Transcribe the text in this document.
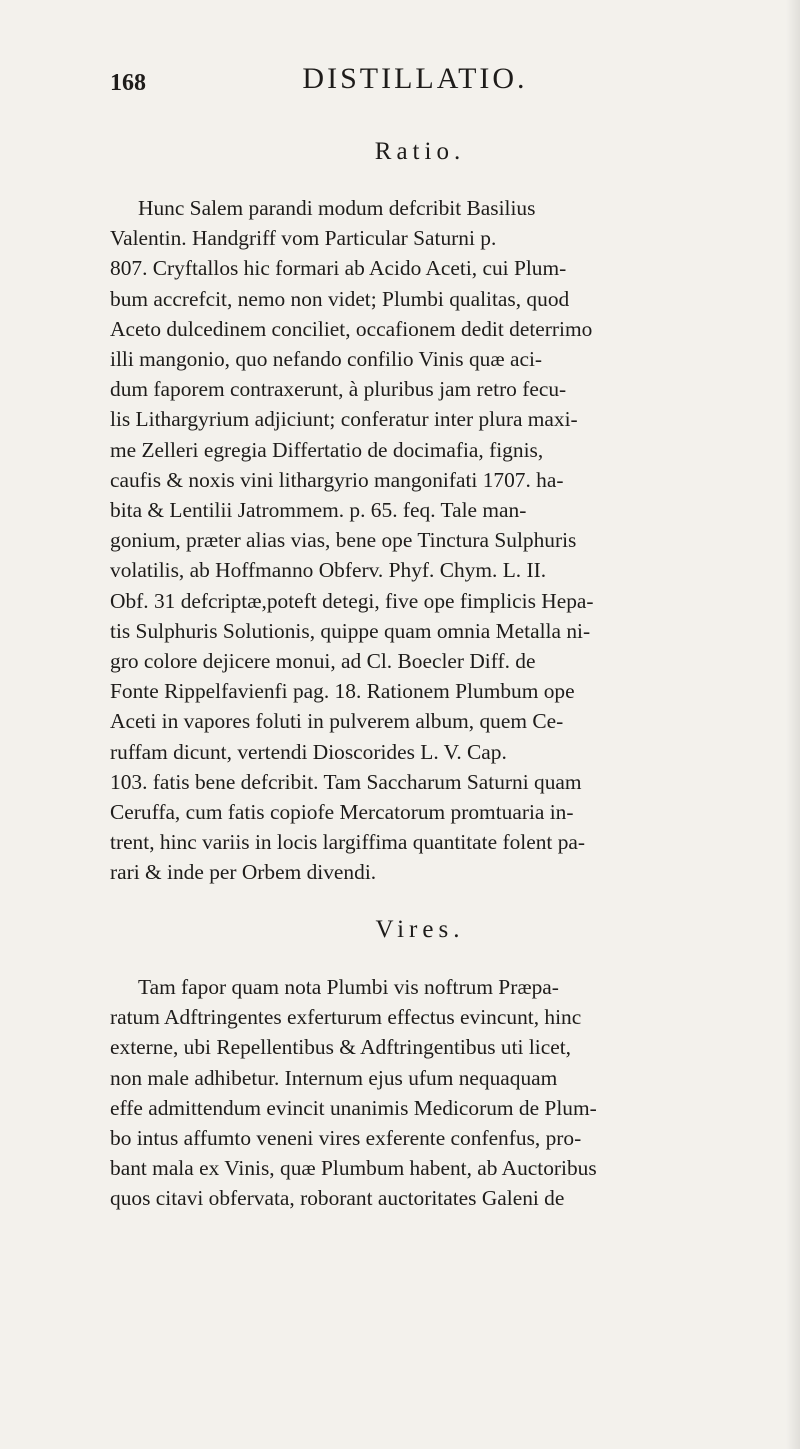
168	DISTILLATIO.
Ratio.
Hunc Salem parandi modum defcribit Basilius
Valentin. Handgriff vom Particular Saturni p.
807. Cryftallos hic formari ab Acido Aceti, cui Plum-
bum accrefcit, nemo non videt; Plumbi qualitas, quod
Aceto dulcedinem conciliet, occafionem dedit deterrimo
illi mangonio, quo nefando confilio Vinis quæ aci-
dum faporem contraxerunt, à pluribus jam retro fecu-
lis Lithargyrium adjiciunt; conferatur inter plura maxi-
me Zelleri egregia Differtatio de docimafia, fignis,
caufis & noxis vini lithargyrio mangonifati 1707. ha-
bita & Lentilii Jatrommem. p. 65. feq. Tale man-
gonium, præter alias vias, bene ope Tinctura Sulphuris
volatilis, ab Hoffmanno Obferv. Phyf. Chym. L. II.
Obf. 31 defcriptæ,poteft detegi, five ope fimplicis Hepa-
tis Sulphuris Solutionis, quippe quam omnia Metalla ni-
gro colore dejicere monui, ad Cl. Boecler Diff. de
Fonte Rippelfavienfi pag. 18. Rationem Plumbum ope
Aceti in vapores foluti in pulverem album, quem Ce-
ruffam dicunt, vertendi Dioscorides L. V. Cap.
103. fatis bene defcribit. Tam Saccharum Saturni quam
Ceruffa, cum fatis copiofe Mercatorum promtuaria in-
trent, hinc variis in locis largiffima quantitate folent pa-
rari & inde per Orbem divendi.
Vires.
Tam fapor quam nota Plumbi vis noftrum Præpa-
ratum Adftringentes exferturum effectus evincunt, hinc
externe, ubi Repellentibus & Adftringentibus uti licet,
non male adhibetur. Internum ejus ufum nequaquam
effe admittendum evincit unanimis Medicorum de Plum-
bo intus affumto veneni vires exferente confenfus, pro-
bant mala ex Vinis, quæ Plumbum habent, ab Auctoribus
quos citavi obfervata, roborant auctoritates Galeni de
